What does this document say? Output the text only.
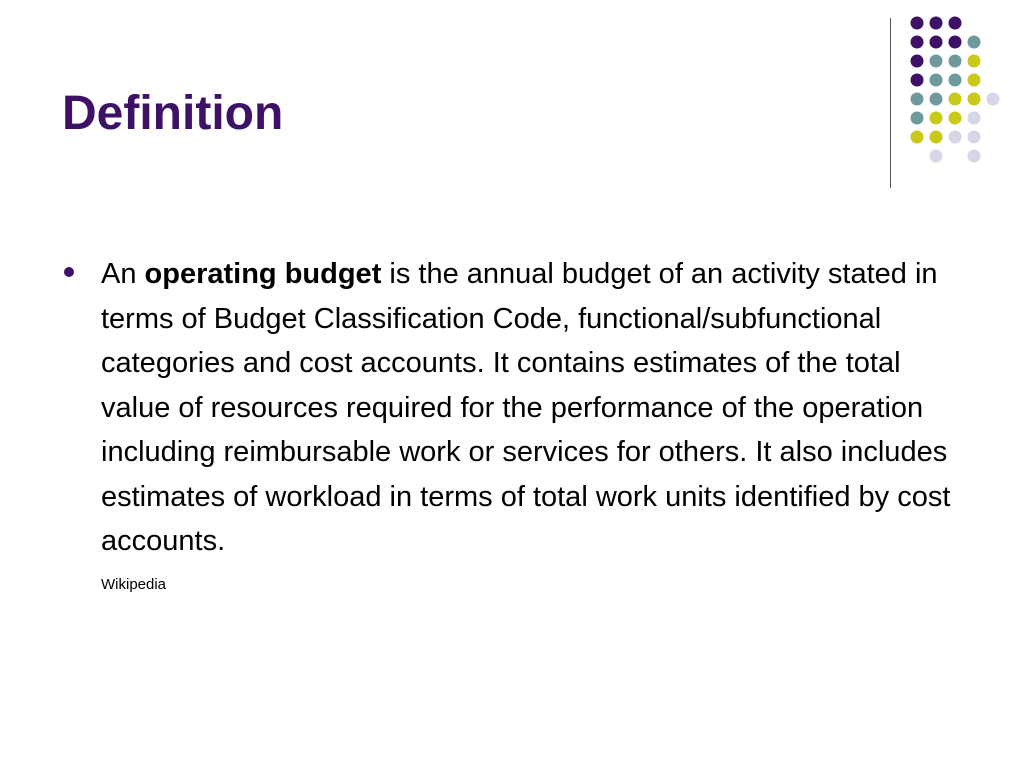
Definition

An operating budget is the annual budget of an activity stated in terms of Budget Classification Code, functional/subfunctional categories and cost accounts. It contains estimates of the total value of resources required for the performance of the operation including reimbursable work or services for others. It also includes estimates of workload in terms of total work units identified by cost accounts.

Wikipedia
